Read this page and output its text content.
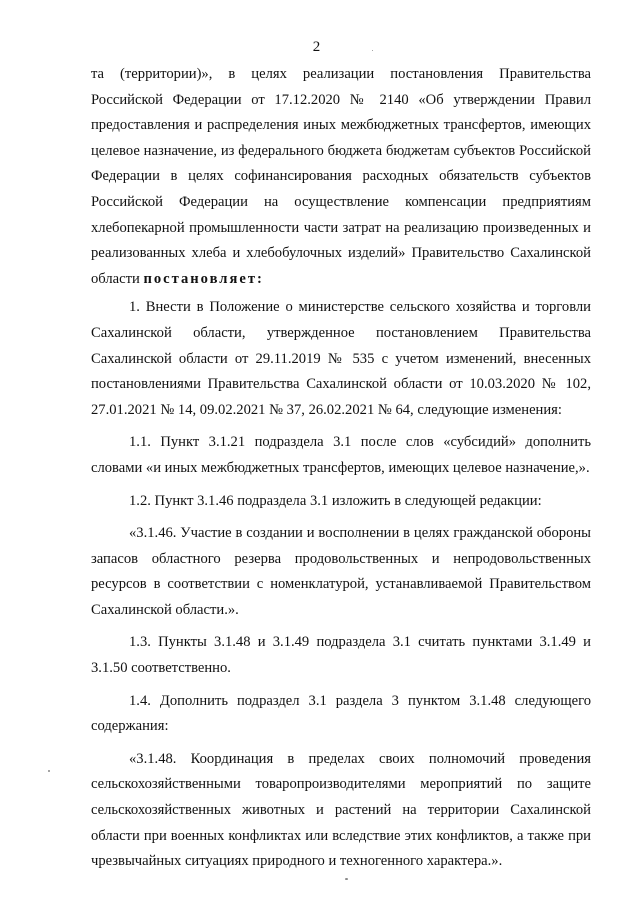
2

та (территории)», в целях реализации постановления Правительства Российской Федерации от 17.12.2020 № 2140 «Об утверждении Правил предоставления и распределения иных межбюджетных трансфертов, имеющих целевое назначение, из федерального бюджета бюджетам субъектов Российской Федерации в целях софинансирования расходных обязательств субъектов Российской Федерации на осуществление компенсации предприятиям хлебопекарной промышленности части затрат на реализацию произведенных и реализованных хлеба и хлебобулочных изделий» Правительство Сахалинской области постановляет:

1. Внести в Положение о министерстве сельского хозяйства и торговли Сахалинской области, утвержденное постановлением Правительства Сахалинской области от 29.11.2019 № 535 с учетом изменений, внесенных постановлениями Правительства Сахалинской области от 10.03.2020 № 102, 27.01.2021 № 14, 09.02.2021 № 37, 26.02.2021 № 64, следующие изменения:

1.1. Пункт 3.1.21 подраздела 3.1 после слов «субсидий» дополнить словами «и иных межбюджетных трансфертов, имеющих целевое назначение,».

1.2. Пункт 3.1.46 подраздела 3.1 изложить в следующей редакции:

«3.1.46. Участие в создании и восполнении в целях гражданской обороны запасов областного резерва продовольственных и непродовольственных ресурсов в соответствии с номенклатурой, устанавливаемой Правительством Сахалинской области.».

1.3. Пункты 3.1.48 и 3.1.49 подраздела 3.1 считать пунктами 3.1.49 и 3.1.50 соответственно.

1.4. Дополнить подраздел 3.1 раздела 3 пунктом 3.1.48 следующего содержания:

«3.1.48. Координация в пределах своих полномочий проведения сельскохозяйственными товаропроизводителями мероприятий по защите сельскохозяйственных животных и растений на территории Сахалинской области при военных конфликтах или вследствие этих конфликтов, а также при чрезвычайных ситуациях природного и техногенного характера.».
